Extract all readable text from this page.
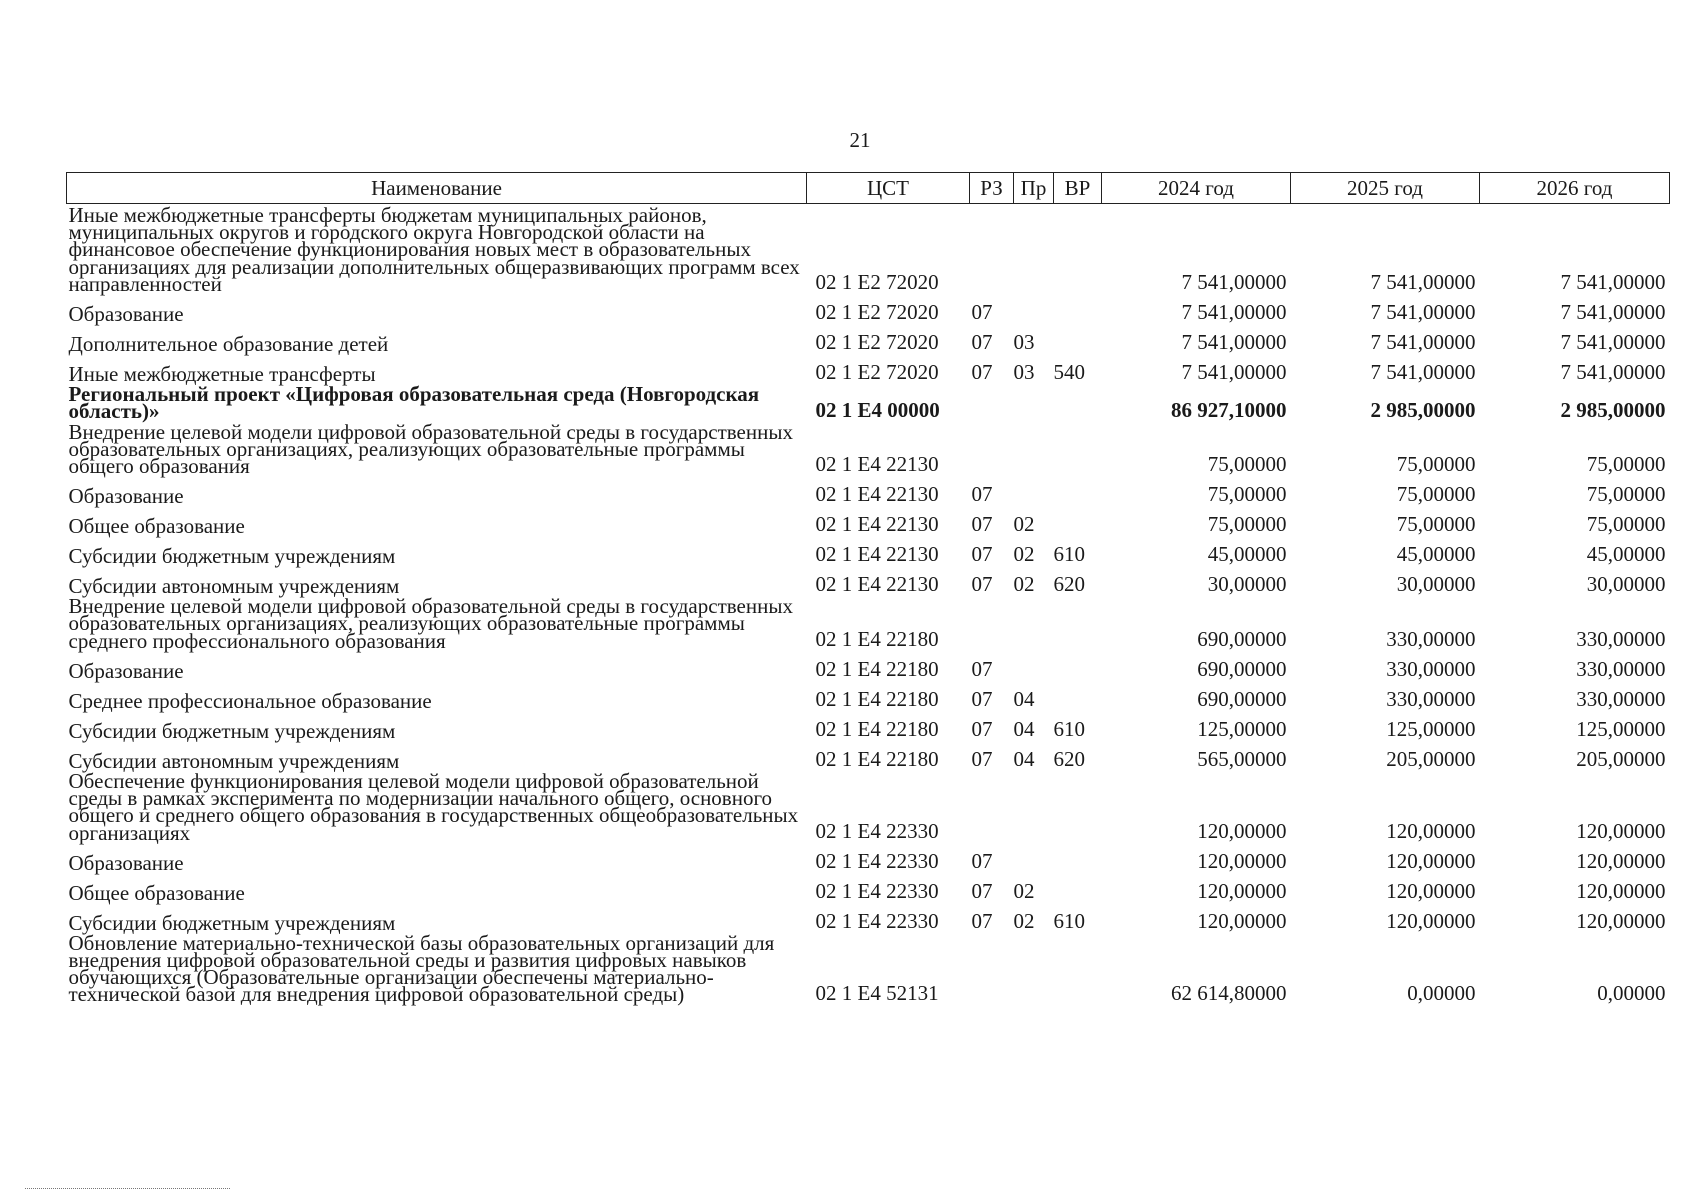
21
Наименование	ЦСТ	РЗ	Пр	ВР	2024 год	2025 год	2026 год
Иные межбюджетные трансферты бюджетам муниципальных районов, муниципальных округов и городского округа Новгородской области на финансовое обеспечение функционирования новых мест в образовательных организациях для реализации дополнительных общеразвивающих программ всех направленностей	02 1 E2 72020				7 541,00000	7 541,00000	7 541,00000
Образование	02 1 E2 72020	07			7 541,00000	7 541,00000	7 541,00000
Дополнительное образование детей	02 1 E2 72020	07	03		7 541,00000	7 541,00000	7 541,00000
Иные межбюджетные трансферты	02 1 E2 72020	07	03	540	7 541,00000	7 541,00000	7 541,00000
Региональный проект «Цифровая образовательная среда (Новгородская область)»	02 1 E4 00000				86 927,10000	2 985,00000	2 985,00000
Внедрение целевой модели цифровой образовательной среды в государственных образовательных организациях, реализующих образовательные программы общего образования	02 1 E4 22130				75,00000	75,00000	75,00000
Образование	02 1 E4 22130	07			75,00000	75,00000	75,00000
Общее образование	02 1 E4 22130	07	02		75,00000	75,00000	75,00000
Субсидии бюджетным учреждениям	02 1 E4 22130	07	02	610	45,00000	45,00000	45,00000
Субсидии автономным учреждениям	02 1 E4 22130	07	02	620	30,00000	30,00000	30,00000
Внедрение целевой модели цифровой образовательной среды в государственных образовательных организациях, реализующих образовательные программы среднего профессионального образования	02 1 E4 22180				690,00000	330,00000	330,00000
Образование	02 1 E4 22180	07			690,00000	330,00000	330,00000
Среднее профессиональное образование	02 1 E4 22180	07	04		690,00000	330,00000	330,00000
Субсидии бюджетным учреждениям	02 1 E4 22180	07	04	610	125,00000	125,00000	125,00000
Субсидии автономным учреждениям	02 1 E4 22180	07	04	620	565,00000	205,00000	205,00000
Обеспечение функционирования целевой модели цифровой образовательной среды в рамках эксперимента по модернизации начального общего, основного общего и среднего общего образования в государственных общеобразовательных организациях	02 1 E4 22330				120,00000	120,00000	120,00000
Образование	02 1 E4 22330	07			120,00000	120,00000	120,00000
Общее образование	02 1 E4 22330	07	02		120,00000	120,00000	120,00000
Субсидии бюджетным учреждениям	02 1 E4 22330	07	02	610	120,00000	120,00000	120,00000
Обновление материально-технической базы образовательных организаций для внедрения цифровой образовательной среды и развития цифровых навыков обучающихся (Образовательные организации обеспечены материально-технической базой для внедрения цифровой образовательной среды)	02 1 E4 52131				62 614,80000	0,00000	0,00000
